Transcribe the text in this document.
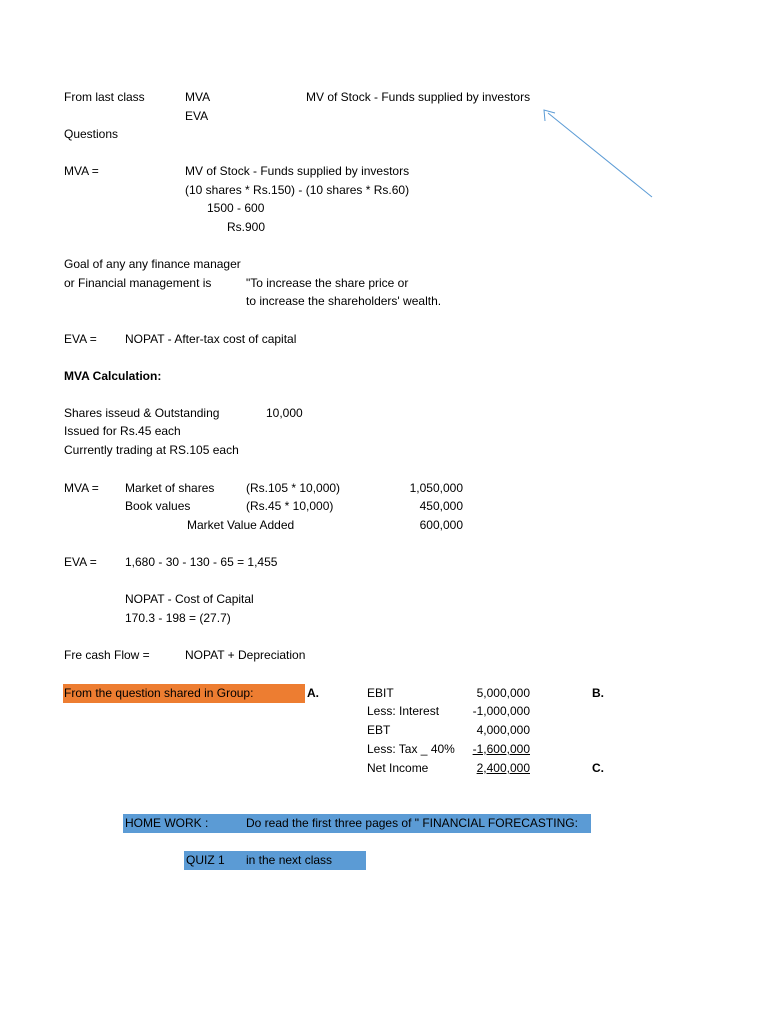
From last class	MVA	MV of Stock - Funds supplied by investors
EVA
Questions
MVA =	MV of Stock - Funds supplied by investors
(10 shares * Rs.150) - (10 shares * Rs.60)
1500 - 600
Rs.900
Goal of any any finance manager
or Financial management is	"To increase the share price or
to increase the shareholders' wealth.
EVA = NOPAT - After-tax cost of capital
MVA Calculation:
Shares isseud & Outstanding	10,000
Issued for Rs.45 each
Currently trading at RS.105 each
MVA = Market of shares	(Rs.105 * 10,000)	1,050,000
Book values	(Rs.45 * 10,000)	450,000
Market Value Added	600,000
EVA = 1,680 - 30 - 130 - 65 = 1,455
NOPAT - Cost of Capital
170.3 - 198 = (27.7)
Fre cash Flow =	NOPAT + Depreciation
From the question shared in Group:	A.	B.
C.
EBIT	5,000,000
Less: Interest	-1,000,000
EBT	4,000,000
Less: Tax _ 40%	-1,600,000
Net Income	2,400,000
HOME WORK :	Do read the first three pages of " FINANCIAL FORECASTING:
QUIZ 1 in the next class
